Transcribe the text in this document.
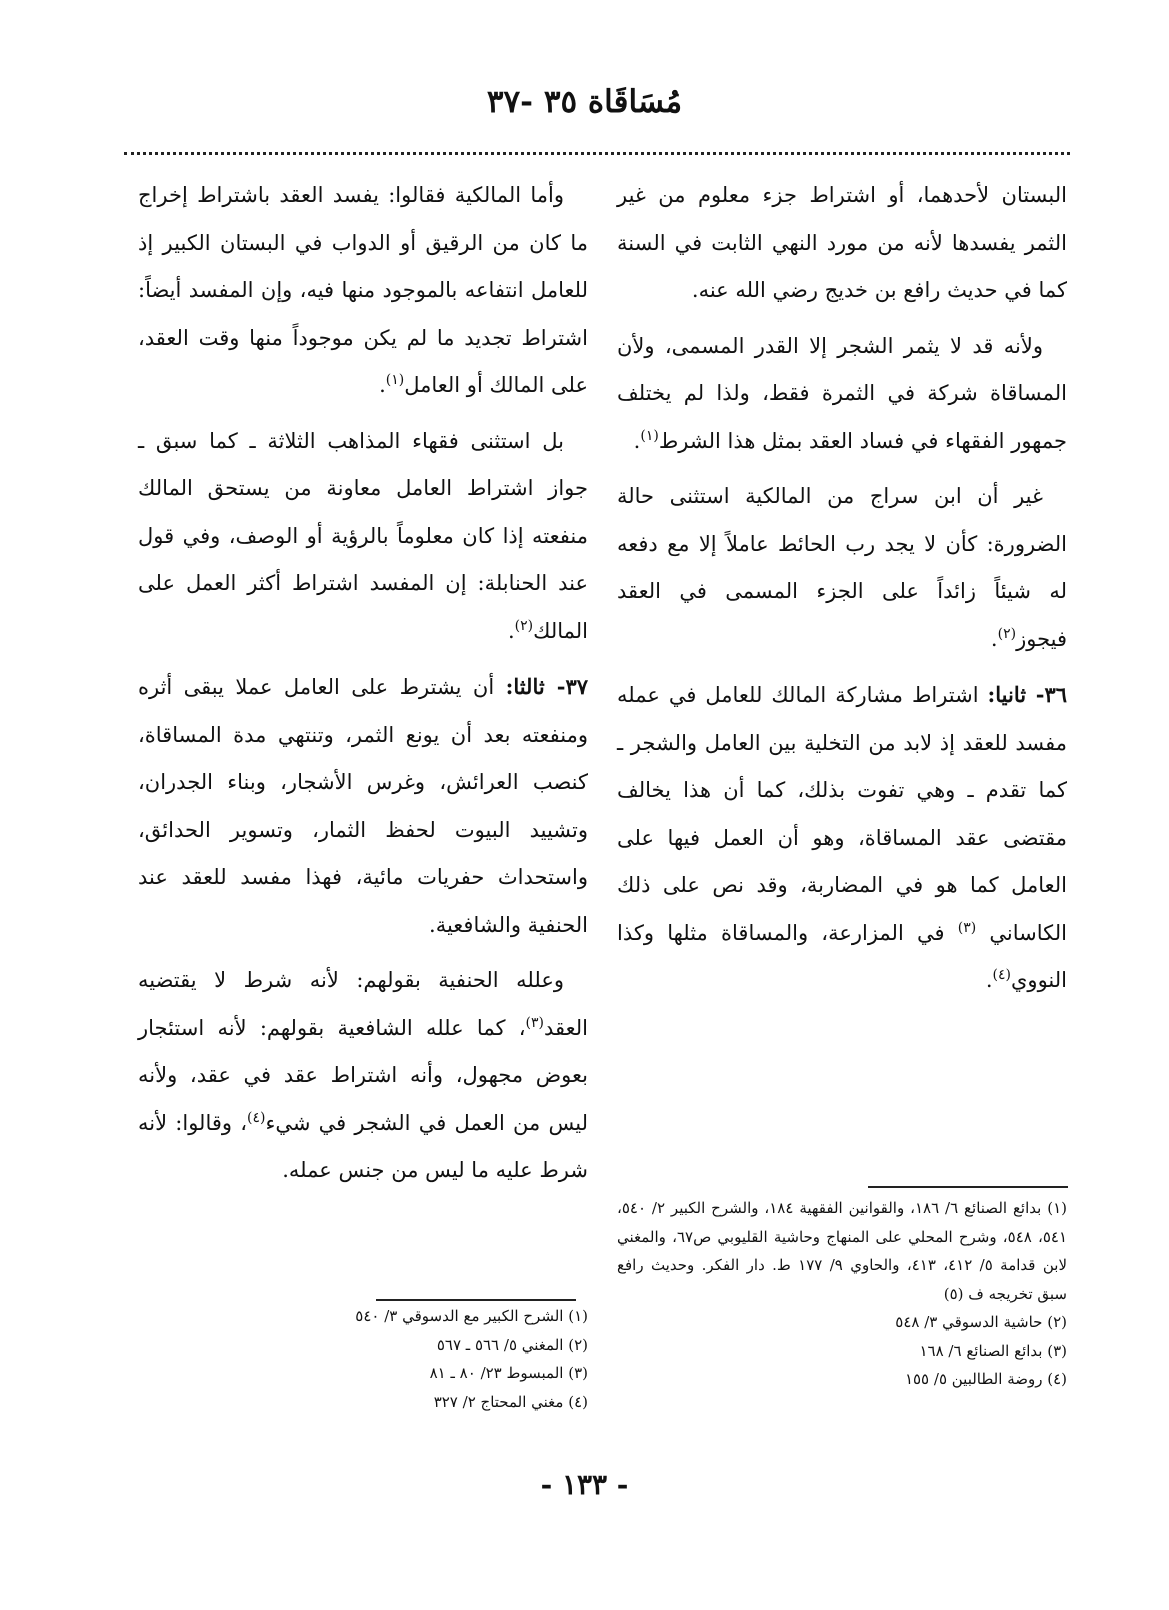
مُسَاقَاة ٣٥ -٣٧

البستان لأحدهما، أو اشتراط جزء معلوم من غير الثمر يفسدها لأنه من مورد النهي الثابت في السنة كما في حديث رافع بن خديج رضي الله عنه.

ولأنه قد لا يثمر الشجر إلا القدر المسمى، ولأن المساقاة شركة في الثمرة فقط، ولذا لم يختلف جمهور الفقهاء في فساد العقد بمثل هذا الشرط$^{(١)}$.

غير أن ابن سراج من المالكية استثنى حالة الضرورة: كأن لا يجد رب الحائط عاملاً إلا مع دفعه له شيئاً زائداً على الجزء المسمى في العقد فيجوز$^{(٢)}$.

٣٦- ثانيا: اشتراط مشاركة المالك للعامل في عمله مفسد للعقد إذ لابد من التخلية بين العامل والشجر ـ كما تقدم ـ وهي تفوت بذلك، كما أن هذا يخالف مقتضى عقد المساقاة، وهو أن العمل فيها على العامل كما هو في المضاربة، وقد نص على ذلك الكاساني $^{(٣)}$ في المزارعة، والمساقاة مثلها وكذا النووي$^{(٤)}$.

وأما المالكية فقالوا: يفسد العقد باشتراط إخراج ما كان من الرقيق أو الدواب في البستان الكبير إذ للعامل انتفاعه بالموجود منها فيه، وإن المفسد أيضاً: اشتراط تجديد ما لم يكن موجوداً منها وقت العقد، على المالك أو العامل$^{(١)}$.

بل استثنى فقهاء المذاهب الثلاثة ـ كما سبق ـ جواز اشتراط العامل معاونة من يستحق المالك منفعته إذا كان معلوماً بالرؤية أو الوصف، وفي قول عند الحنابلة: إن المفسد اشتراط أكثر العمل على المالك$^{(٢)}$.

٣٧- ثالثا: أن يشترط على العامل عملا يبقى أثره ومنفعته بعد أن يونع الثمر، وتنتهي مدة المساقاة، كنصب العرائش، وغرس الأشجار، وبناء الجدران، وتشييد البيوت لحفظ الثمار، وتسوير الحدائق، واستحداث حفريات مائية، فهذا مفسد للعقد عند الحنفية والشافعية.

وعلله الحنفية بقولهم: لأنه شرط لا يقتضيه العقد$^{(٣)}$، كما علله الشافعية بقولهم: لأنه استئجار بعوض مجهول، وأنه اشتراط عقد في عقد، ولأنه ليس من العمل في الشجر في شيء$^{(٤)}$، وقالوا: لأنه شرط عليه ما ليس من جنس عمله.

(١) بدائع الصنائع ٦/ ١٨٦، والقوانين الفقهية ١٨٤، والشرح الكبير ٢/ ٥٤٠، ٥٤١، ٥٤٨، وشرح المحلي على المنهاج وحاشية القليوبي ص٦٧، والمغني لابن قدامة ٥/ ٤١٢، ٤١٣، والحاوي ٩/ ١٧٧ ط. دار الفكر. وحديث رافع سبق تخريجه ف (٥)
(٢) حاشية الدسوقي ٣/ ٥٤٨
(٣) بدائع الصنائع ٦/ ١٦٨
(٤) روضة الطالبين ٥/ ١٥٥
(١) الشرح الكبير مع الدسوقي ٣/ ٥٤٠
(٢) المغني ٥/ ٥٦٦ ـ ٥٦٧
(٣) المبسوط ٢٣/ ٨٠ ـ ٨١
(٤) مغني المحتاج ٢/ ٣٢٧
- ١٣٣ -
